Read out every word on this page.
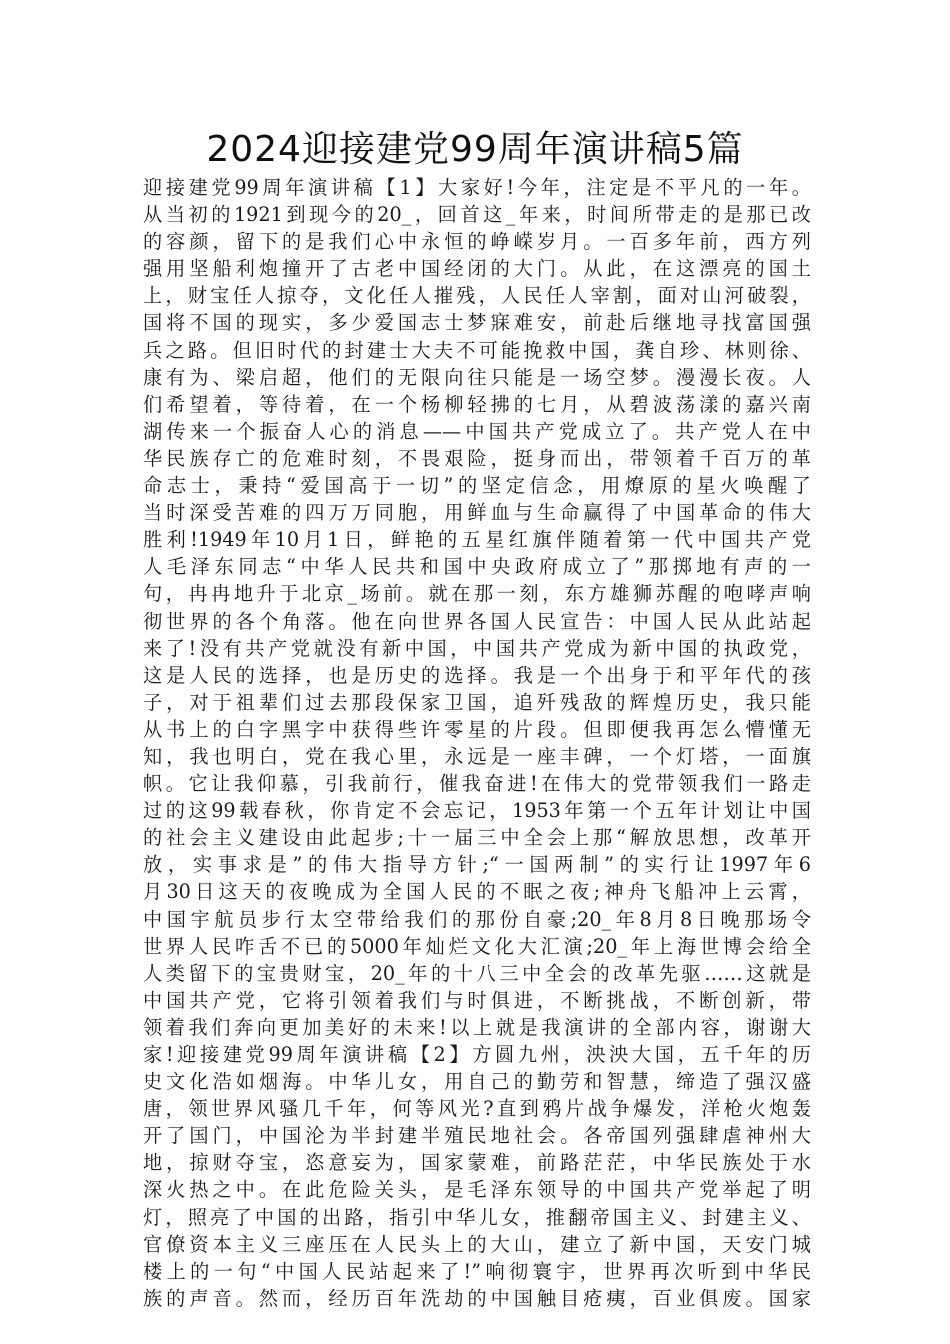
2024迎接建党99周年演讲稿5篇
迎接建党99周年演讲稿【1】大家好!今年，注定是不平凡的一年。
从当初的1921到现今的20_，回首这_年来，时间所带走的是那已改
的容颜，留下的是我们心中永恒的峥嵘岁月。一百多年前，西方列
强用坚船利炮撞开了古老中国经闭的大门。从此，在这漂亮的国土
上，财宝任人掠夺，文化任人摧残，人民任人宰割，面对山河破裂，
国将不国的现实，多少爱国志士梦寐难安，前赴后继地寻找富国强
兵之路。但旧时代的封建士大夫不可能挽救中国，龚自珍、林则徐、
康有为、梁启超，他们的无限向往只能是一场空梦。漫漫长夜。人
们希望着，等待着，在一个杨柳轻拂的七月，从碧波荡漾的嘉兴南
湖传来一个振奋人心的消息——中国共产党成立了。共产党人在中
华民族存亡的危难时刻，不畏艰险，挺身而出，带领着千百万的革
命志士，秉持“爱国高于一切”的坚定信念，用燎原的星火唤醒了
当时深受苦难的四万万同胞，用鲜血与生命赢得了中国革命的伟大
胜利!1949年10月1日，鲜艳的五星红旗伴随着第一代中国共产党
人毛泽东同志“中华人民共和国中央政府成立了”那掷地有声的一
句，冉冉地升于北京_场前。就在那一刻，东方雄狮苏醒的咆哮声响
彻世界的各个角落。他在向世界各国人民宣告：中国人民从此站起
来了!没有共产党就没有新中国，中国共产党成为新中国的执政党，
这是人民的选择，也是历史的选择。我是一个出身于和平年代的孩
子，对于祖辈们过去那段保家卫国，追歼残敌的辉煌历史，我只能
从书上的白字黑字中获得些许零星的片段。但即便我再怎么懵懂无
知，我也明白，党在我心里，永远是一座丰碑，一个灯塔，一面旗
帜。它让我仰慕，引我前行，催我奋进!在伟大的党带领我们一路走
过的这99载春秋，你肯定不会忘记，1953年第一个五年计划让中国
的社会主义建设由此起步;十一届三中全会上那“解放思想，改革开
放，实事求是”的伟大指导方针;“一国两制”的实行让1997年6
月30日这天的夜晚成为全国人民的不眠之夜;神舟飞船冲上云霄，
中国宇航员步行太空带给我们的那份自豪;20_年8月8日晚那场令
世界人民咋舌不已的5000年灿烂文化大汇演;20_年上海世博会给全
人类留下的宝贵财宝，20_年的十八三中全会的改革先驱……这就是
中国共产党，它将引领着我们与时俱进，不断挑战，不断创新，带
领着我们奔向更加美好的未来!以上就是我演讲的全部内容，谢谢大
家!迎接建党99周年演讲稿【2】方圆九州，泱泱大国，五千年的历
史文化浩如烟海。中华儿女，用自己的勤劳和智慧，缔造了强汉盛
唐，领世界风骚几千年，何等风光?直到鸦片战争爆发，洋枪火炮轰
开了国门，中国沦为半封建半殖民地社会。各帝国列强肆虐神州大
地，掠财夺宝，恣意妄为，国家蒙难，前路茫茫，中华民族处于水
深火热之中。在此危险关头，是毛泽东领导的中国共产党举起了明
灯，照亮了中国的出路，指引中华儿女，推翻帝国主义、封建主义、
官僚资本主义三座压在人民头上的大山，建立了新中国，天安门城
楼上的一句“中国人民站起来了!”响彻寰宇，世界再次听到中华民
族的声音。然而，经历百年洗劫的中国触目疮痍，百业俱废。国家
